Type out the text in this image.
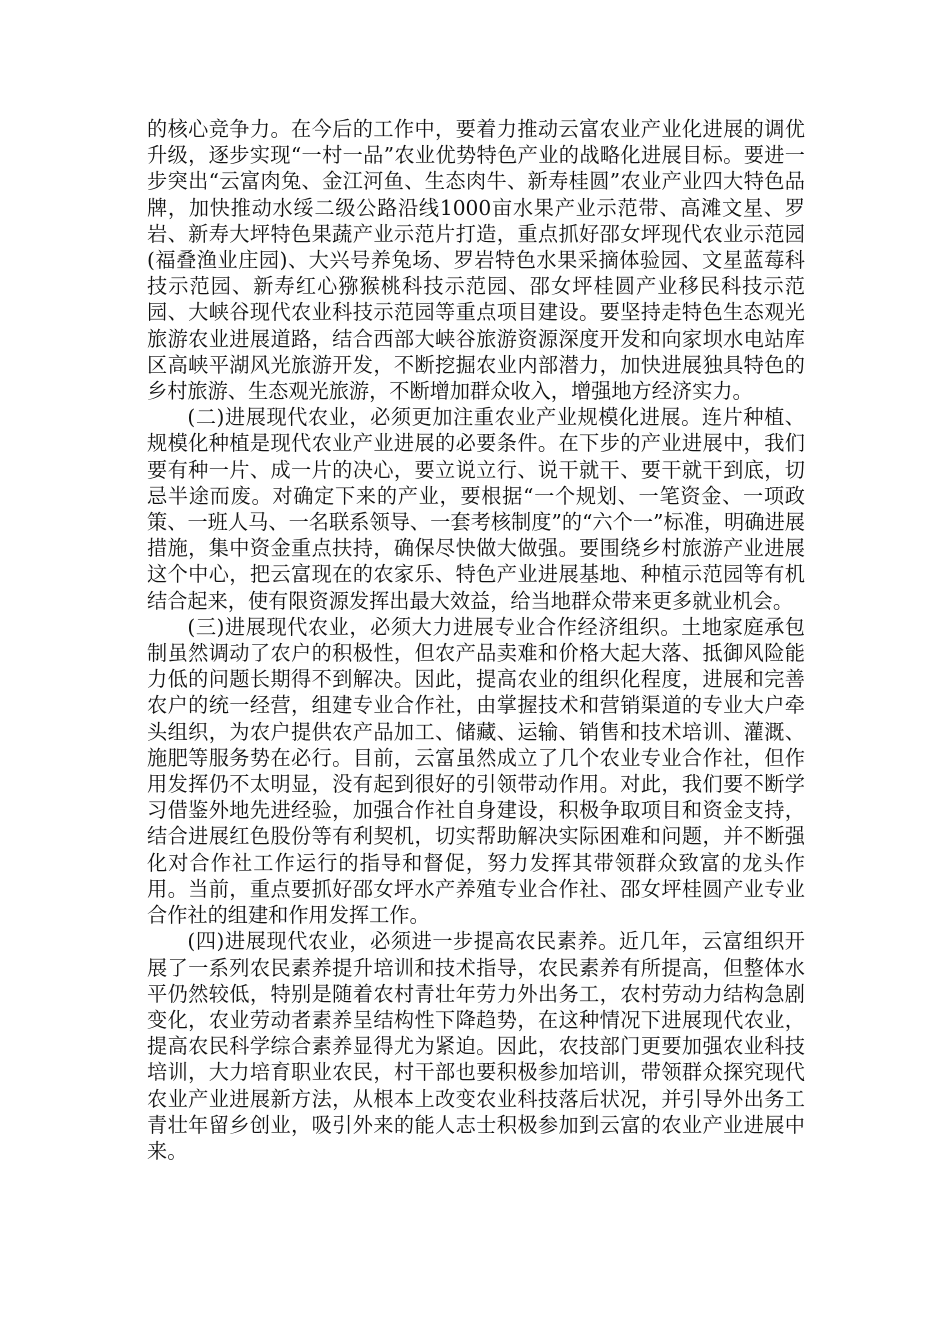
的核心竞争力。在今后的工作中，要着力推动云富农业产业化进展的调优升级，逐步实现“一村一品”农业优势特色产业的战略化进展目标。要进一步突出“云富肉兔、金江河鱼、生态肉牛、新寿桂圆”农业产业四大特色品牌，加快推动水绥二级公路沿线1000亩水果产业示范带、高滩文星、罗岩、新寿大坪特色果蔬产业示范片打造，重点抓好邵女坪现代农业示范园(福叠渔业庄园)、大兴号养兔场、罗岩特色水果采摘体验园、文星蓝莓科技示范园、新寿红心猕猴桃科技示范园、邵女坪桂圆产业移民科技示范园、大峡谷现代农业科技示范园等重点项目建设。要坚持走特色生态观光旅游农业进展道路，结合西部大峡谷旅游资源深度开发和向家坝水电站库区高峡平湖风光旅游开发，不断挖掘农业内部潜力，加快进展独具特色的乡村旅游、生态观光旅游，不断增加群众收入，增强地方经济实力。

(二)进展现代农业，必须更加注重农业产业规模化进展。连片种植、规模化种植是现代农业产业进展的必要条件。在下步的产业进展中，我们要有种一片、成一片的决心，要立说立行、说干就干、要干就干到底，切忌半途而废。对确定下来的产业，要根据“一个规划、一笔资金、一项政策、一班人马、一名联系领导、一套考核制度”的“六个一”标准，明确进展措施，集中资金重点扶持，确保尽快做大做强。要围绕乡村旅游产业进展这个中心，把云富现在的农家乐、特色产业进展基地、种植示范园等有机结合起来，使有限资源发挥出最大效益，给当地群众带来更多就业机会。

(三)进展现代农业，必须大力进展专业合作经济组织。土地家庭承包制虽然调动了农户的积极性，但农产品卖难和价格大起大落、抵御风险能力低的问题长期得不到解决。因此，提高农业的组织化程度，进展和完善农户的统一经营，组建专业合作社，由掌握技术和营销渠道的专业大户牵头组织，为农户提供农产品加工、储藏、运输、销售和技术培训、灌溉、施肥等服务势在必行。目前，云富虽然成立了几个农业专业合作社，但作用发挥仍不太明显，没有起到很好的引领带动作用。对此，我们要不断学习借鉴外地先进经验，加强合作社自身建设，积极争取项目和资金支持，结合进展红色股份等有利契机，切实帮助解决实际困难和问题，并不断强化对合作社工作运行的指导和督促，努力发挥其带领群众致富的龙头作用。当前，重点要抓好邵女坪水产养殖专业合作社、邵女坪桂圆产业专业合作社的组建和作用发挥工作。

(四)进展现代农业，必须进一步提高农民素养。近几年，云富组织开展了一系列农民素养提升培训和技术指导，农民素养有所提高，但整体水平仍然较低，特别是随着农村青壮年劳力外出务工，农村劳动力结构急剧变化，农业劳动者素养呈结构性下降趋势，在这种情况下进展现代农业，提高农民科学综合素养显得尤为紧迫。因此，农技部门更要加强农业科技培训，大力培育职业农民，村干部也要积极参加培训，带领群众探究现代农业产业进展新方法，从根本上改变农业科技落后状况，并引导外出务工青壮年留乡创业，吸引外来的能人志士积极参加到云富的农业产业进展中来。
